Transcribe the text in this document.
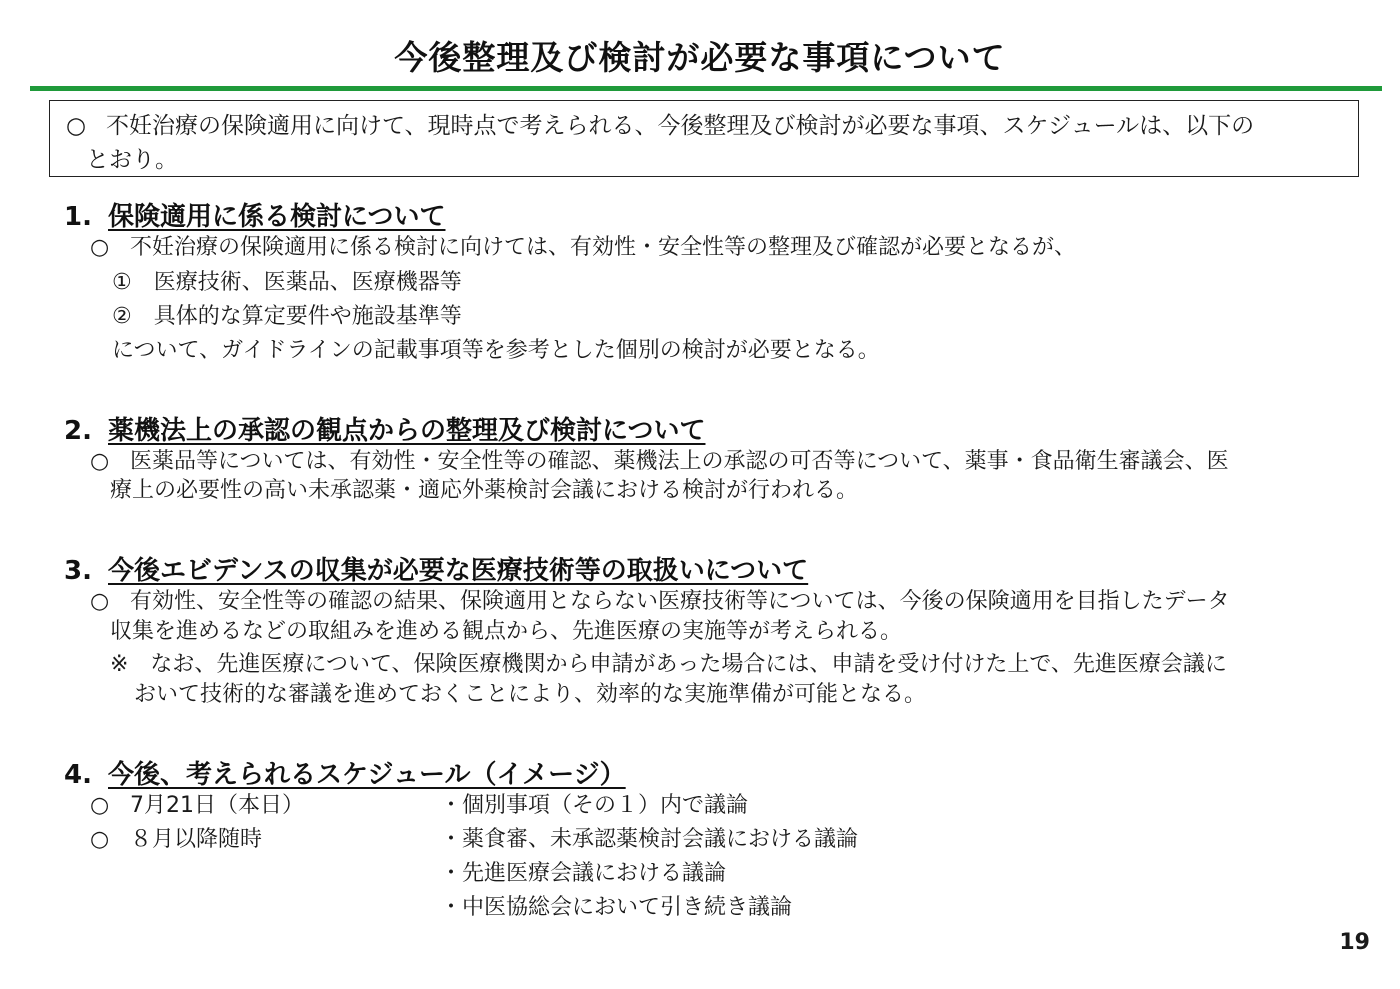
今後整理及び検討が必要な事項について
○ 不妊治療の保険適用に向けて、現時点で考えられる、今後整理及び検討が必要な事項、スケジュールは、以下の
とおり。
1. 保険適用に係る検討について
○ 不妊治療の保険適用に係る検討に向けては、有効性・安全性等の整理及び確認が必要となるが、
①　医療技術、医薬品、医療機器等
②　具体的な算定要件や施設基準等
について、ガイドラインの記載事項等を参考とした個別の検討が必要となる。
2. 薬機法上の承認の観点からの整理及び検討について
○ 医薬品等については、有効性・安全性等の確認、薬機法上の承認の可否等について、薬事・食品衛生審議会、医
療上の必要性の高い未承認薬・適応外薬検討会議における検討が行われる。
3. 今後エビデンスの収集が必要な医療技術等の取扱いについて
○ 有効性、安全性等の確認の結果、保険適用とならない医療技術等については、今後の保険適用を目指したデータ
収集を進めるなどの取組みを進める観点から、先進医療の実施等が考えられる。
※　なお、先進医療について、保険医療機関から申請があった場合には、申請を受け付けた上で、先進医療会議に
おいて技術的な審議を進めておくことにより、効率的な実施準備が可能となる。
4. 今後、考えられるスケジュール（イメージ）
○ 7月21日（本日）	・個別事項（その１）内で議論
○ ８月以降随時	・薬食審、未承認薬検討会議における議論
・先進医療会議における議論
・中医協総会において引き続き議論
19
